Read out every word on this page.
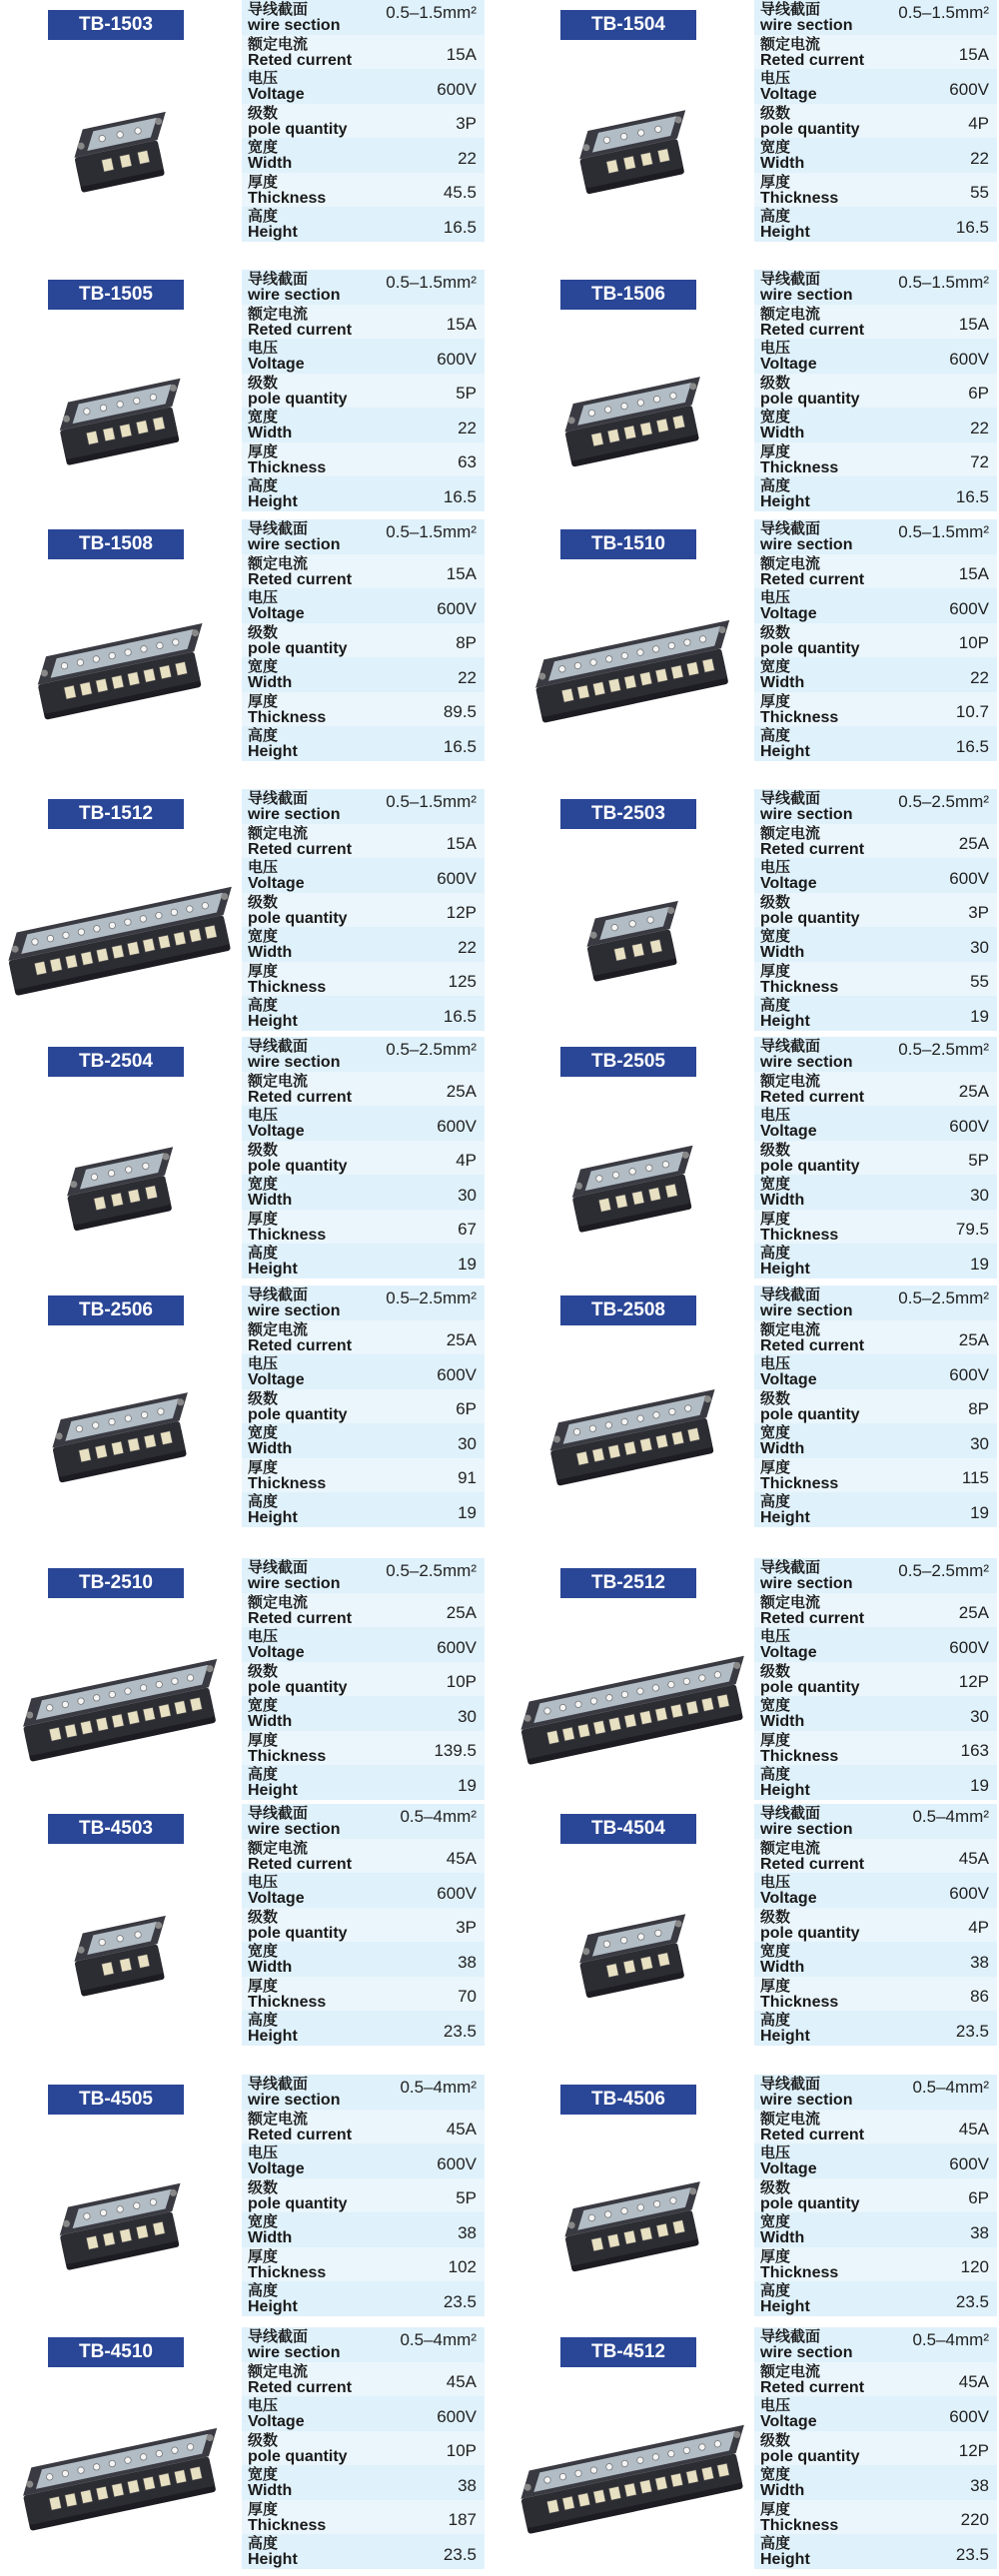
TB-1503
导线截面
wire section
0.5–1.5mm²
额定电流
Reted current	15A
电压
Voltage	600V
级数
pole quantity	3P
宽度
Width	22
厚度
Thickness	45.5
高度
Height	16.5
TB-1504
导线截面
wire section
0.5–1.5mm²
额定电流
Reted current	15A
电压
Voltage	600V
级数
pole quantity	4P
宽度
Width	22
厚度
Thickness	55
高度
Height	16.5
TB-1505
导线截面
wire section
0.5–1.5mm²
额定电流
Reted current	15A
电压
Voltage	600V
级数
pole quantity	5P
宽度
Width	22
厚度
Thickness	63
高度
Height	16.5
TB-1506
导线截面
wire section
0.5–1.5mm²
额定电流
Reted current	15A
电压
Voltage	600V
级数
pole quantity	6P
宽度
Width	22
厚度
Thickness	72
高度
Height	16.5
TB-1508
导线截面
wire section
0.5–1.5mm²
额定电流
Reted current	15A
电压
Voltage	600V
级数
pole quantity	8P
宽度
Width	22
厚度
Thickness	89.5
高度
Height	16.5
TB-1510
导线截面
wire section
0.5–1.5mm²
额定电流
Reted current	15A
电压
Voltage	600V
级数
pole quantity	10P
宽度
Width	22
厚度
Thickness	10.7
高度
Height	16.5
TB-1512
导线截面
wire section
0.5–1.5mm²
额定电流
Reted current	15A
电压
Voltage	600V
级数
pole quantity	12P
宽度
Width	22
厚度
Thickness	125
高度
Height	16.5
TB-2503
导线截面
wire section
0.5–2.5mm²
额定电流
Reted current	25A
电压
Voltage	600V
级数
pole quantity	3P
宽度
Width	30
厚度
Thickness	55
高度
Height	19
TB-2504
导线截面
wire section
0.5–2.5mm²
额定电流
Reted current	25A
电压
Voltage	600V
级数
pole quantity	4P
宽度
Width	30
厚度
Thickness	67
高度
Height	19
TB-2505
导线截面
wire section
0.5–2.5mm²
额定电流
Reted current	25A
电压
Voltage	600V
级数
pole quantity	5P
宽度
Width	30
厚度
Thickness	79.5
高度
Height	19
TB-2506
导线截面
wire section
0.5–2.5mm²
额定电流
Reted current	25A
电压
Voltage	600V
级数
pole quantity	6P
宽度
Width	30
厚度
Thickness	91
高度
Height	19
TB-2508
导线截面
wire section
0.5–2.5mm²
额定电流
Reted current	25A
电压
Voltage	600V
级数
pole quantity	8P
宽度
Width	30
厚度
Thickness	115
高度
Height	19
TB-2510
导线截面
wire section
0.5–2.5mm²
额定电流
Reted current	25A
电压
Voltage	600V
级数
pole quantity	10P
宽度
Width	30
厚度
Thickness	139.5
高度
Height	19
TB-2512
导线截面
wire section
0.5–2.5mm²
额定电流
Reted current	25A
电压
Voltage	600V
级数
pole quantity	12P
宽度
Width	30
厚度
Thickness	163
高度
Height	19
TB-4503
导线截面
wire section
0.5–4mm²
额定电流
Reted current	45A
电压
Voltage	600V
级数
pole quantity	3P
宽度
Width	38
厚度
Thickness	70
高度
Height	23.5
TB-4504
导线截面
wire section
0.5–4mm²
额定电流
Reted current	45A
电压
Voltage	600V
级数
pole quantity	4P
宽度
Width	38
厚度
Thickness	86
高度
Height	23.5
TB-4505
导线截面
wire section
0.5–4mm²
额定电流
Reted current	45A
电压
Voltage	600V
级数
pole quantity	5P
宽度
Width	38
厚度
Thickness	102
高度
Height	23.5
TB-4506
导线截面
wire section
0.5–4mm²
额定电流
Reted current	45A
电压
Voltage	600V
级数
pole quantity	6P
宽度
Width	38
厚度
Thickness	120
高度
Height	23.5
TB-4510
导线截面
wire section
0.5–4mm²
额定电流
Reted current	45A
电压
Voltage	600V
级数
pole quantity	10P
宽度
Width	38
厚度
Thickness	187
高度
Height	23.5
TB-4512
导线截面
wire section
0.5–4mm²
额定电流
Reted current	45A
电压
Voltage	600V
级数
pole quantity	12P
宽度
Width	38
厚度
Thickness	220
高度
Height	23.5
